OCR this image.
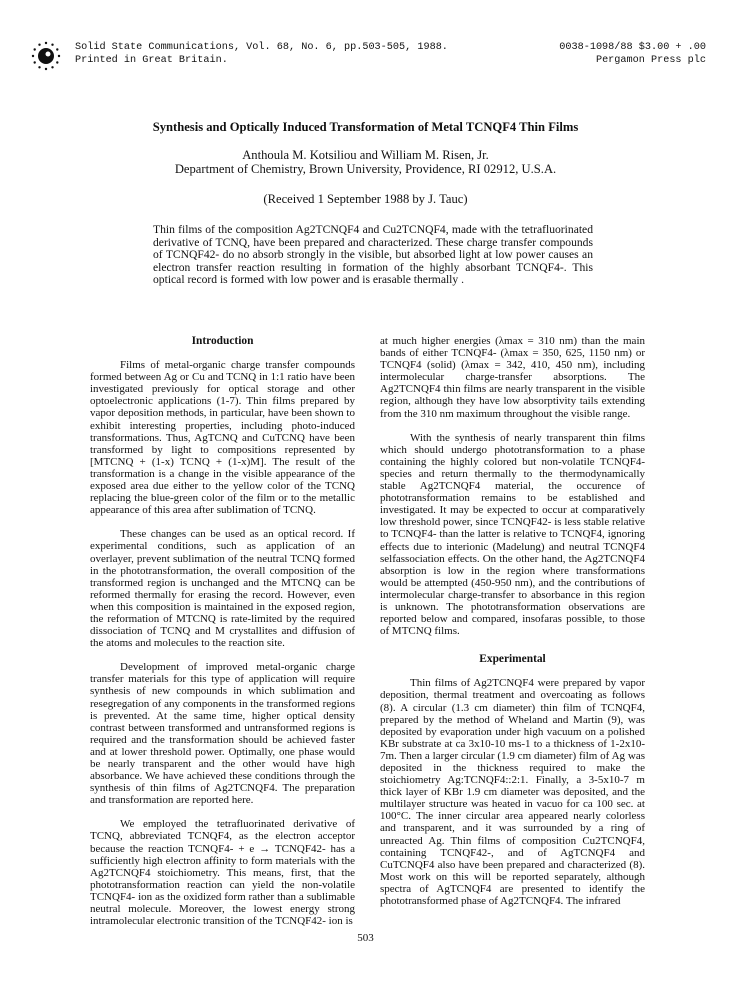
Solid State Communications, Vol. 68, No. 6, pp.503-505, 1988.
Printed in Great Britain.
0038-1098/88 $3.00 + .00
Pergamon Press plc
Synthesis and Optically Induced Transformation of Metal TCNQF4 Thin Films
Anthoula M. Kotsiliou and William M. Risen, Jr.
Department of Chemistry, Brown University, Providence, RI 02912, U.S.A.
(Received 1 September 1988 by J. Tauc)
Thin films of the composition Ag2TCNQF4 and Cu2TCNQF4, made with the tetrafluorinated derivative of TCNQ, have been prepared and characterized. These charge transfer compounds of TCNQF42- do no absorb strongly in the visible, but absorbed light at low power causes an electron transfer reaction resulting in formation of the highly absorbant TCNQF4-. This optical record is formed with low power and is erasable thermally .
Introduction

Films of metal-organic charge transfer compounds formed between Ag or Cu and TCNQ in 1:1 ratio have been investigated previously for optical storage and other optoelectronic applications (1-7). Thin films prepared by vapor deposition methods, in particular, have been shown to exhibit interesting properties, including photo-induced transformations. Thus, AgTCNQ and CuTCNQ have been transformed by light to compositions represented by [MTCNQ + (1-x) TCNQ + (1-x)M]. The result of the transformation is a change in the visible appearance of the exposed area due either to the yellow color of the TCNQ replacing the blue-green color of the film or to the metallic appearance of this area after sublimation of TCNQ.

These changes can be used as an optical record. If experimental conditions, such as application of an overlayer, prevent sublimation of the neutral TCNQ formed in the phototransformation, the overall composition of the transformed region is unchanged and the MTCNQ can be reformed thermally for erasing the record. However, even when this composition is maintained in the exposed region, the reformation of MTCNQ is rate-limited by the required dissociation of TCNQ and M crystallites and diffusion of the atoms and molecules to the reaction site.

Development of improved metal-organic charge transfer materials for this type of application will require synthesis of new compounds in which sublimation and resegregation of any components in the transformed regions is prevented. At the same time, higher optical density contrast between transformed and untransformed regions is required and the transformation should be achieved faster and at lower threshold power. Optimally, one phase would be nearly transparent and the other would have high absorbance. We have achieved these conditions through the synthesis of thin films of Ag2TCNQF4. The preparation and transformation are reported here.

We employed the tetrafluorinated derivative of TCNQ, abbreviated TCNQF4, as the electron acceptor because the reaction TCNQF4- + e → TCNQF42- has a sufficiently high electron affinity to form materials with the Ag2TCNQF4 stoichiometry. This means, first, that the phototransformation reaction can yield the non-volatile TCNQF4- ion as the oxidized form rather than a sublimable neutral molecule. Moreover, the lowest energy strong intramolecular electronic transition of the TCNQF42- ion is

at much higher energies (λmax = 310 nm) than the main bands of either TCNQF4- (λmax = 350, 625, 1150 nm) or TCNQF4 (solid) (λmax = 342, 410, 450 nm), including intermolecular charge-transfer absorptions. The Ag2TCNQF4 thin films are nearly transparent in the visible region, although they have low absorptivity tails extending from the 310 nm maximum throughout the visible range.

With the synthesis of nearly transparent thin films which should undergo phototransformation to a phase containing the highly colored but non-volatile TCNQF4- species and return thermally to the thermodynamically stable Ag2TCNQF4 material, the occurence of phototransformation remains to be established and investigated. It may be expected to occur at comparatively low threshold power, since TCNQF42- is less stable relative to TCNQF4- than the latter is relative to TCNQF4, ignoring effects due to interionic (Madelung) and neutral TCNQF4 selfassociation effects. On the other hand, the Ag2TCNQF4 absorption is low in the region where transformations would be attempted (450-950 nm), and the contributions of intermolecular charge-transfer to absorbance in this region is unknown. The phototransformation observations are reported below and compared, insofaras possible, to those of MTCNQ films.

Experimental

Thin films of Ag2TCNQF4 were prepared by vapor deposition, thermal treatment and overcoating as follows (8). A circular (1.3 cm diameter) thin film of TCNQF4, prepared by the method of Wheland and Martin (9), was deposited by evaporation under high vacuum on a polished KBr substrate at ca 3x10-10 ms-1 to a thickness of 1-2x10-7m. Then a larger circular (1.9 cm diameter) film of Ag was deposited in the thickness required to make the stoichiometry Ag:TCNQF4::2:1. Finally, a 3-5x10-7 m thick layer of KBr 1.9 cm diameter was deposited, and the multilayer structure was heated in vacuo for ca 100 sec. at 100°C. The inner circular area appeared nearly colorless and transparent, and it was surrounded by a ring of unreacted Ag. Thin films of composition Cu2TCNQF4, containing TCNQF42-, and of AgTCNQF4 and CuTCNQF4 also have been prepared and characterized (8). Most work on this will be reported separately, although spectra of AgTCNQF4 are presented to identify the phototransformed phase of Ag2TCNQF4. The infrared

503
